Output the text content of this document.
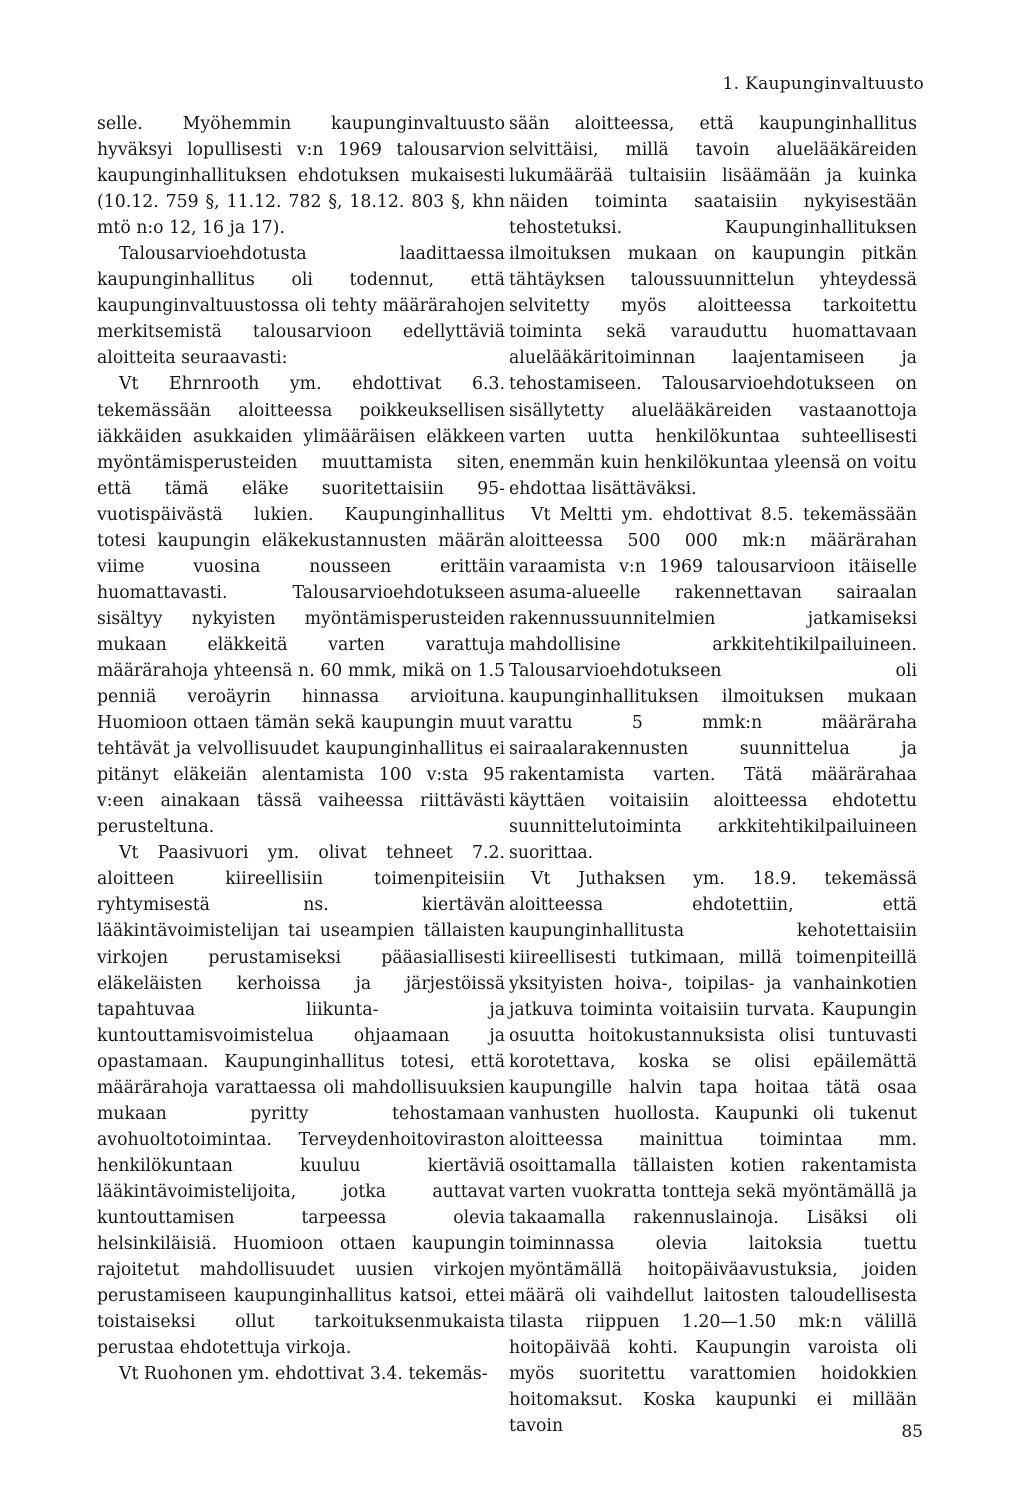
1. Kaupunginvaltuusto

selle. Myöhemmin kaupunginvaltuusto hyväksyi lopullisesti v:n 1969 talousarvion kaupunginhallituksen ehdotuksen mukaisesti (10.12. 759 §, 11.12. 782 §, 18.12. 803 §, khn mtö n:o 12, 16 ja 17).

Talousarvioehdotusta laadittaessa kaupunginhallitus oli todennut, että kaupunginvaltuustossa oli tehty määrärahojen merkitsemistä talousarvioon edellyttäviä aloitteita seuraavasti:

Vt Ehrnrooth ym. ehdottivat 6.3. tekemässään aloitteessa poikkeuksellisen iäkkäiden asukkaiden ylimääräisen eläkkeen myöntämisperusteiden muuttamista siten, että tämä eläke suoritettaisiin 95-vuotispäivästä lukien. Kaupunginhallitus totesi kaupungin eläkekustannusten määrän viime vuosina nousseen erittäin huomattavasti. Talousarvioehdotukseen sisältyy nykyisten myöntämisperusteiden mukaan eläkkeitä varten varattuja määrärahoja yhteensä n. 60 mmk, mikä on 1.5 penniä veroäyrin hinnassa arvioituna. Huomioon ottaen tämän sekä kaupungin muut tehtävät ja velvollisuudet kaupunginhallitus ei pitänyt eläkeiän alentamista 100 v:sta 95 v:een ainakaan tässä vaiheessa riittävästi perusteltuna.

Vt Paasivuori ym. olivat tehneet 7.2. aloitteen kiireellisiin toimenpiteisiin ryhtymisestä ns. kiertävän lääkintävoimistelijan tai useampien tällaisten virkojen perustamiseksi pääasiallisesti eläkeläisten kerhoissa ja järjestöissä tapahtuvaa liikunta- ja kuntouttamisvoimistelua ohjaamaan ja opastamaan. Kaupunginhallitus totesi, että määrärahoja varattaessa oli mahdollisuuksien mukaan pyritty tehostamaan avohuoltotoimintaa. Terveydenhoitoviraston henkilökuntaan kuuluu kiertäviä lääkintävoimistelijoita, jotka auttavat kuntouttamisen tarpeessa olevia helsinkiläisiä. Huomioon ottaen kaupungin rajoitetut mahdollisuudet uusien virkojen perustamiseen kaupunginhallitus katsoi, ettei toistaiseksi ollut tarkoituksenmukaista perustaa ehdotettuja virkoja.

Vt Ruohonen ym. ehdottivat 3.4. tekemäs-

sään aloitteessa, että kaupunginhallitus selvittäisi, millä tavoin aluelääkäreiden lukumäärää tultaisiin lisäämään ja kuinka näiden toiminta saataisiin nykyisestään tehostetuksi. Kaupunginhallituksen ilmoituksen mukaan on kaupungin pitkän tähtäyksen taloussuunnittelun yhteydessä selvitetty myös aloitteessa tarkoitettu toiminta sekä varauduttu huomattavaan aluelääkäritoiminnan laajentamiseen ja tehostamiseen. Talousarvioehdotukseen on sisällytetty aluelääkäreiden vastaanottoja varten uutta henkilökuntaa suhteellisesti enemmän kuin henkilökuntaa yleensä on voitu ehdottaa lisättäväksi.

Vt Meltti ym. ehdottivat 8.5. tekemässään aloitteessa 500 000 mk:n määrärahan varaamista v:n 1969 talousarvioon itäiselle asuma-alueelle rakennettavan sairaalan rakennussuunnitelmien jatkamiseksi mahdollisine arkkitehtikilpailuineen. Talousarvioehdotukseen oli kaupunginhallituksen ilmoituksen mukaan varattu 5 mmk:n määräraha sairaalarakennusten suunnittelua ja rakentamista varten. Tätä määrärahaa käyttäen voitaisiin aloitteessa ehdotettu suunnittelutoiminta arkkitehtikilpailuineen suorittaa.

Vt Juthaksen ym. 18.9. tekemässä aloitteessa ehdotettiin, että kaupunginhallitusta kehotettaisiin kiireellisesti tutkimaan, millä toimenpiteillä yksityisten hoiva-, toipilas- ja vanhainkotien jatkuva toiminta voitaisiin turvata. Kaupungin osuutta hoitokustannuksista olisi tuntuvasti korotettava, koska se olisi epäilemättä kaupungille halvin tapa hoitaa tätä osaa vanhusten huollosta. Kaupunki oli tukenut aloitteessa mainittua toimintaa mm. osoittamalla tällaisten kotien rakentamista varten vuokratta tontteja sekä myöntämällä ja takaamalla rakennuslainoja. Lisäksi oli toiminnassa olevia laitoksia tuettu myöntämällä hoitopäiväavustuksia, joiden määrä oli vaihdellut laitosten taloudellisesta tilasta riippuen 1.20—1.50 mk:n välillä hoitopäivää kohti. Kaupungin varoista oli myös suoritettu varattomien hoidokkien hoitomaksut. Koska kaupunki ei millään tavoin	85
